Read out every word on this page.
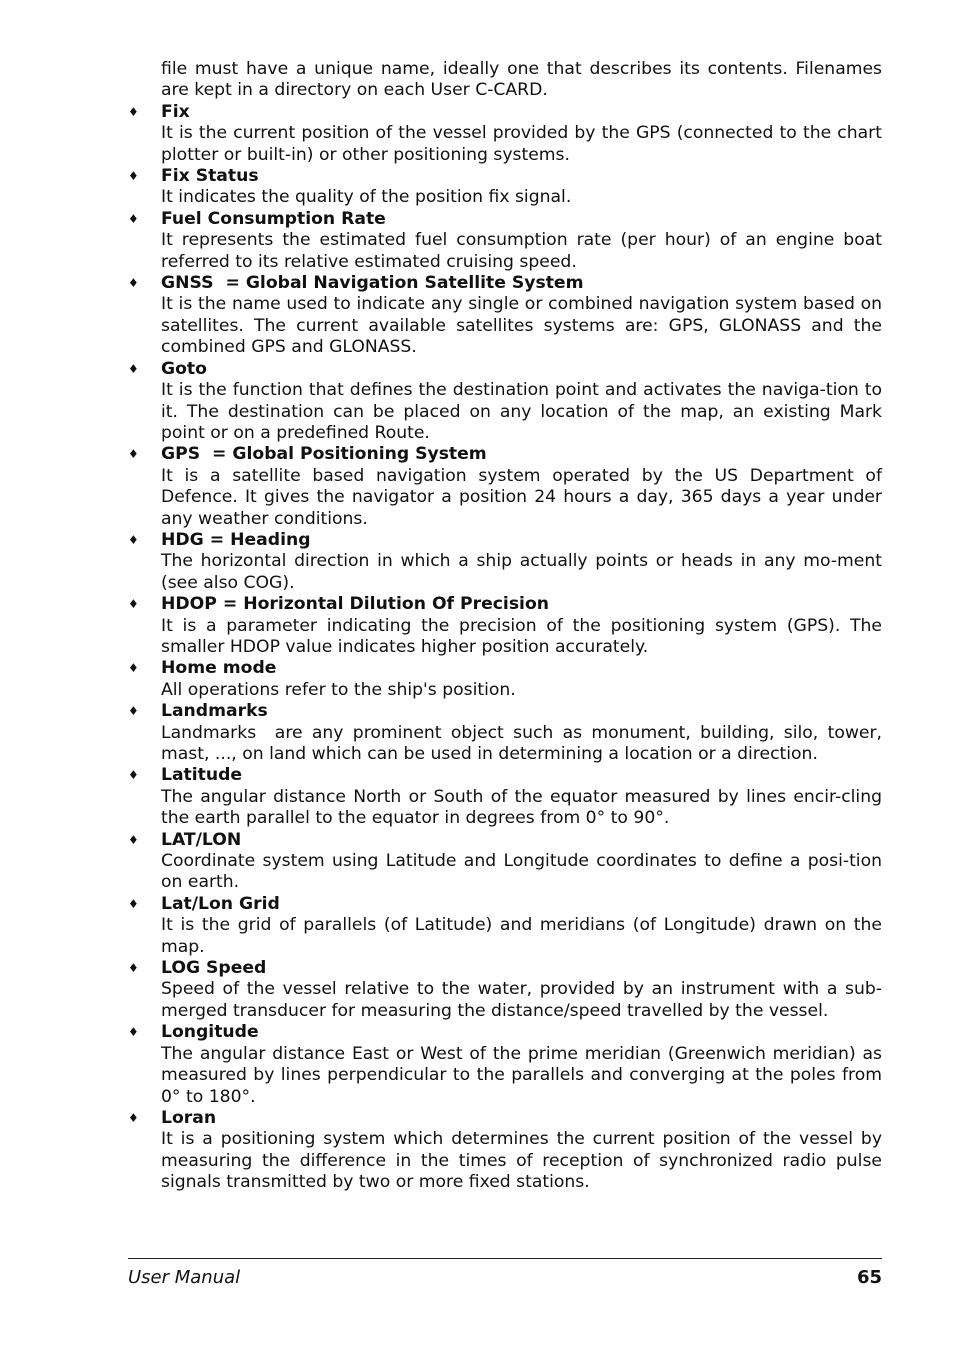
file must have a unique name, ideally one that describes its contents. Filenames are kept in a directory on each User C-CARD.

♦ Fix
It is the current position of the vessel provided by the GPS (connected to the chart plotter or built-in) or other positioning systems.
♦ Fix Status
It indicates the quality of the position fix signal.
♦ Fuel Consumption Rate
It represents the estimated fuel consumption rate (per hour) of an engine boat referred to its relative estimated cruising speed.
♦ GNSS  = Global Navigation Satellite System
It is the name used to indicate any single or combined navigation system based on satellites. The current available satellites systems are: GPS, GLONASS and the combined GPS and GLONASS.
♦ Goto
It is the function that defines the destination point and activates the naviga-tion to it. The destination can be placed on any location of the map, an existing Mark point or on a predefined Route.
♦ GPS  = Global Positioning System
It is a satellite based navigation system operated by the US Department of Defence. It gives the navigator a position 24 hours a day, 365 days a year under any weather conditions.
♦ HDG = Heading
The horizontal direction in which a ship actually points or heads in any mo-ment (see also COG).
♦ HDOP = Horizontal Dilution Of Precision
It is a parameter indicating the precision of the positioning system (GPS). The smaller HDOP value indicates higher position accurately.
♦ Home mode
All operations refer to the ship's position.
♦ Landmarks
Landmarks  are any prominent object such as monument, building, silo, tower, mast, ..., on land which can be used in determining a location or a direction.
♦ Latitude
The angular distance North or South of the equator measured by lines encir-cling the earth parallel to the equator in degrees from 0° to 90°.
♦ LAT/LON
Coordinate system using Latitude and Longitude coordinates to define a posi-tion on earth.
♦ Lat/Lon Grid
It is the grid of parallels (of Latitude) and meridians (of Longitude) drawn on the map.
♦ LOG Speed
Speed of the vessel relative to the water, provided by an instrument with a sub-merged transducer for measuring the distance/speed travelled by the vessel.
♦ Longitude
The angular distance East or West of the prime meridian (Greenwich meridian) as  measured by lines perpendicular to the parallels and converging at the poles from  0° to 180°.
♦ Loran
It is a positioning system which determines the current position of the vessel by measuring the difference in the times of reception of synchronized radio pulse signals transmitted by two or more fixed stations.
User Manual	65
